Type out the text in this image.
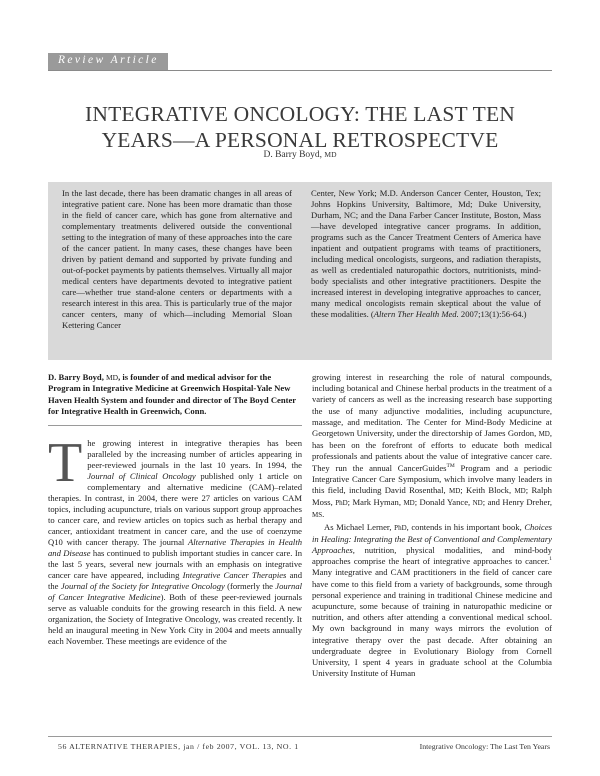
Review Article
INTEGRATIVE ONCOLOGY: THE LAST TEN
YEARS—A PERSONAL RETROSPECTVE
D. Barry Boyd, MD

In the last decade, there has been dramatic changes in all areas of integrative patient care. None has been more dramatic than those in the field of cancer care, which has gone from alternative and complementary treatments delivered outside the conventional setting to the integration of many of these approaches into the care of the cancer patient. In many cases, these changes have been driven by patient demand and supported by private funding and out-of-pocket payments by patients themselves. Virtually all major medical centers have departments devoted to integrative patient care—whether true stand-alone centers or departments with a research interest in this area. This is particularly true of the major cancer centers, many of which—including Memorial Sloan Kettering Cancer

Center, New York; M.D. Anderson Cancer Center, Houston, Tex; Johns Hopkins University, Baltimore, Md; Duke University, Durham, NC; and the Dana Farber Cancer Institute, Boston, Mass—have developed integrative cancer programs. In addition, programs such as the Cancer Treatment Centers of America have inpatient and outpatient programs with teams of practitioners, including medical oncologists, surgeons, and radiation therapists, as well as credentialed naturopathic doctors, nutritionists, mind-body specialists and other integrative practitioners. Despite the increased interest in developing integrative approaches to cancer, many medical oncologists remain skeptical about the value of these modalities. (Altern Ther Health Med. 2007;13(1):56-64.)

D. Barry Boyd, MD, is founder of and medical advisor for the Program in Integrative Medicine at Greenwich Hospital-Yale New Haven Health System and founder and director of The Boyd Center for Integrative Health in Greenwich, Conn.

The growing interest in integrative therapies has been paralleled by the increasing number of articles appearing in peer-reviewed journals in the last 10 years. In 1994, the Journal of Clinical Oncology published only 1 article on complementary and alternative medicine (CAM)–related therapies. In contrast, in 2004, there were 27 articles on various CAM topics, including acupuncture, trials on various support group approaches to cancer care, and review articles on topics such as herbal therapy and cancer, antioxidant treatment in cancer care, and the use of coenzyme Q10 with cancer therapy. The journal Alternative Therapies in Health and Disease has continued to publish important studies in cancer care. In the last 5 years, several new journals with an emphasis on integrative cancer care have appeared, including Integrative Cancer Therapies and the Journal of the Society for Integrative Oncology (formerly the Journal of Cancer Integrative Medicine). Both of these peer-reviewed journals serve as valuable conduits for the growing research in this field. A new organization, the Society of Integrative Oncology, was created recently. It held an inaugural meeting in New York City in 2004 and meets annually each November. These meetings are evidence of the

growing interest in researching the role of natural compounds, including botanical and Chinese herbal products in the treatment of a variety of cancers as well as the increasing research base supporting the use of many adjunctive modalities, including acupuncture, massage, and meditation. The Center for Mind-Body Medicine at Georgetown University, under the directorship of James Gordon, MD, has been on the forefront of efforts to educate both medical professionals and patients about the value of integrative cancer care. They run the annual CancerGuides™ Program and a periodic Integrative Cancer Care Symposium, which involve many leaders in this field, including David Rosenthal, MD; Keith Block, MD; Ralph Moss, PhD; Mark Hyman, MD; Donald Yance, ND; and Henry Dreher, MS.

As Michael Lerner, PhD, contends in his important book, Choices in Healing: Integrating the Best of Conventional and Complementary Approaches, nutrition, physical modalities, and mind-body approaches comprise the heart of integrative approaches to cancer.$^1$ Many integrative and CAM practitioners in the field of cancer care have come to this field from a variety of backgrounds, some through personal experience and training in traditional Chinese medicine and acupuncture, some because of training in naturopathic medicine or nutrition, and others after attending a conventional medical school. My own background in many ways mirrors the evolution of integrative therapy over the past decade. After obtaining an undergraduate degree in Evolutionary Biology from Cornell University, I spent 4 years in graduate school at the Columbia University Institute of Human

56 ALTERNATIVE THERAPIES, jan / feb 2007, VOL. 13, NO. 1	Integrative Oncology: The Last Ten Years
